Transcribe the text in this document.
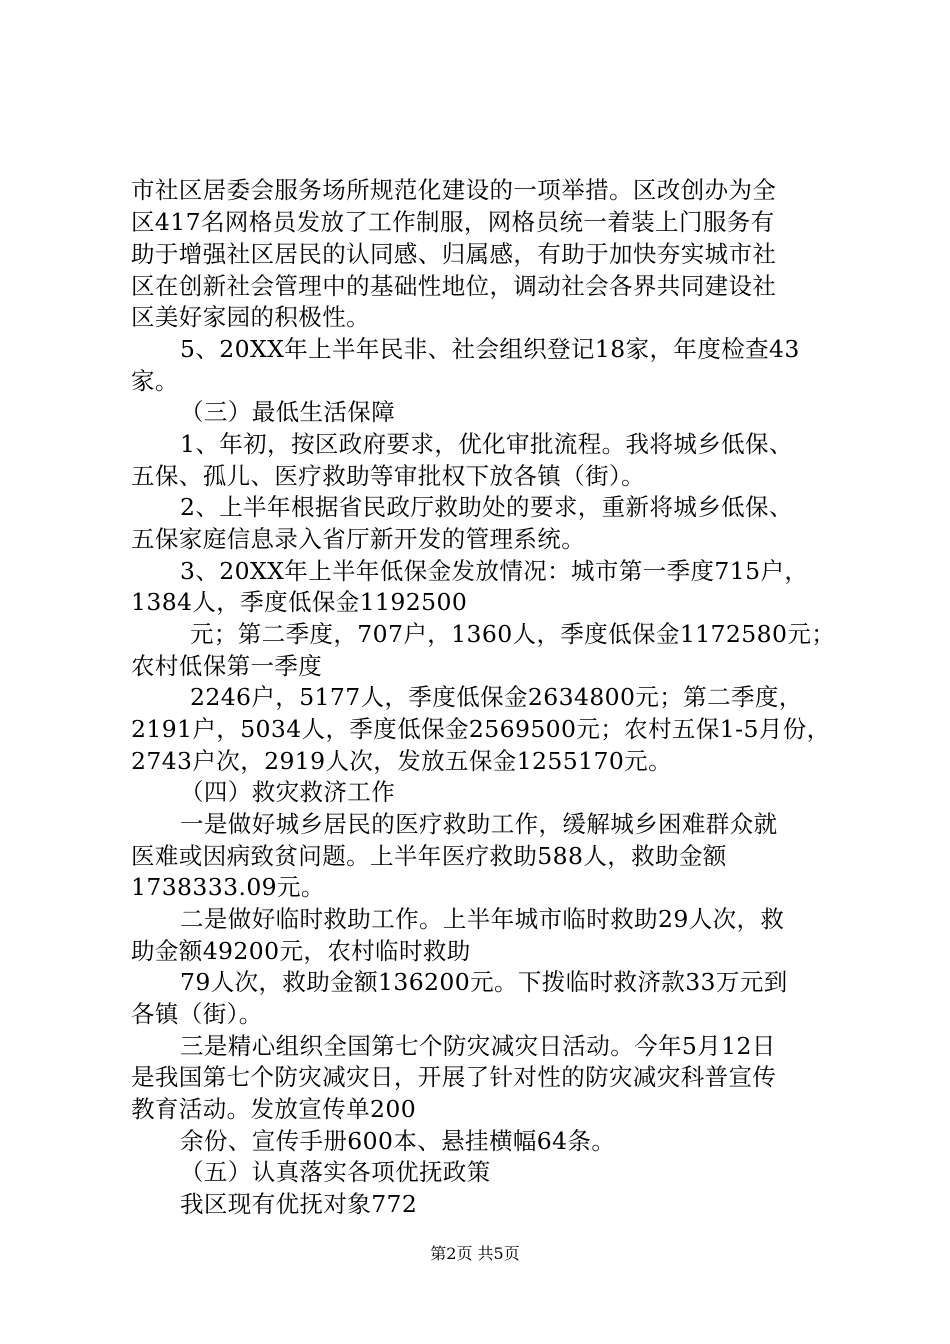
市社区居委会服务场所规范化建设的一项举措。区改创办为全
区417名网格员发放了工作制服，网格员统一着装上门服务有
助于增强社区居民的认同感、归属感，有助于加快夯实城市社
区在创新社会管理中的基础性地位，调动社会各界共同建设社
区美好家园的积极性。
5、20XX年上半年民非、社会组织登记18家，年度检查43
家。
（三）最低生活保障
1、年初，按区政府要求，优化审批流程。我将城乡低保、
五保、孤儿、医疗救助等审批权下放各镇（街）。
2、上半年根据省民政厅救助处的要求，重新将城乡低保、
五保家庭信息录入省厅新开发的管理系统。
3、20XX年上半年低保金发放情况：城市第一季度715户，
1384人，季度低保金1192500
元；第二季度，707户，1360人，季度低保金1172580元；
农村低保第一季度
2246户，5177人，季度低保金2634800元；第二季度，
2191户，5034人，季度低保金2569500元；农村五保1-5月份，
2743户次，2919人次，发放五保金1255170元。
（四）救灾救济工作
一是做好城乡居民的医疗救助工作，缓解城乡困难群众就
医难或因病致贫问题。上半年医疗救助588人，救助金额
1738333.09元。
二是做好临时救助工作。上半年城市临时救助29人次，救
助金额49200元，农村临时救助
79人次，救助金额136200元。下拨临时救济款33万元到
各镇（街）。
三是精心组织全国第七个防灾减灾日活动。今年5月12日
是我国第七个防灾减灾日，开展了针对性的防灾减灾科普宣传
教育活动。发放宣传单200
余份、宣传手册600本、悬挂横幅64条。
（五）认真落实各项优抚政策
我区现有优抚对象772
第2页 共5页
